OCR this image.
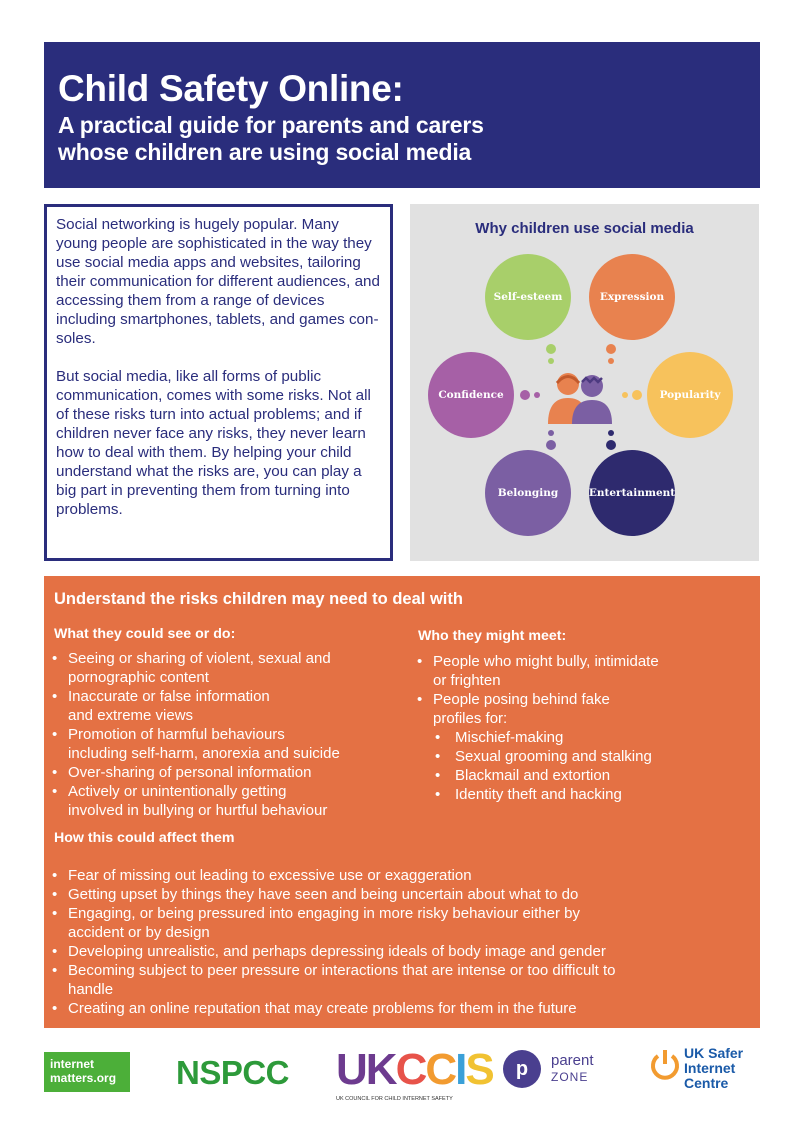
Child Safety Online:
A practical guide for parents and carers
whose children are using social media

Social networking is hugely popular. Many young people are sophisticated in the way they use social media apps and websites, tailoring their communication for different audiences, and accessing them from a range of devices including smartphones, tablets, and games con-soles.

But social media, like all forms of public communication, comes with some risks. Not all of these risks turn into actual problems; and if children never face any risks, they never learn how to deal with them. By helping your child understand what the risks are, you can play a big part in preventing them from turning into problems.

Why children use social media
Self-esteem	Expression
Confidence	Popularity
Belonging	Entertainment
Understand the risks children may need to deal with
What they could see or do:
• Seeing or sharing of violent, sexual and
pornographic content
• Inaccurate or false information
and extreme views
• Promotion of harmful behaviours
including self-harm, anorexia and suicide
• Over-sharing of personal information
• Actively or unintentionally getting
involved in bullying or hurtful behaviour
Who they might meet:
• People who might bully, intimidate
or frighten
• People posing behind fake
profiles for:
• Mischief-making
• Sexual grooming and stalking
• Blackmail and extortion
• Identity theft and hacking
How this could affect them
• Fear of missing out leading to excessive use or exaggeration
• Getting upset by things they have seen and being uncertain about what to do
• Engaging, or being pressured into engaging in more risky behaviour either by
accident or by design
• Developing unrealistic, and perhaps depressing ideals of body image and gender
• Becoming subject to peer pressure or interactions that are intense or too difficult to
handle
• Creating an online reputation that may create problems for them in the future
internet
matters.org	NSPCC UKCCIS
UK COUNCIL FOR CHILD INTERNET SAFETY
p	parent
ZONE
UK Safer
Internet
Centre
